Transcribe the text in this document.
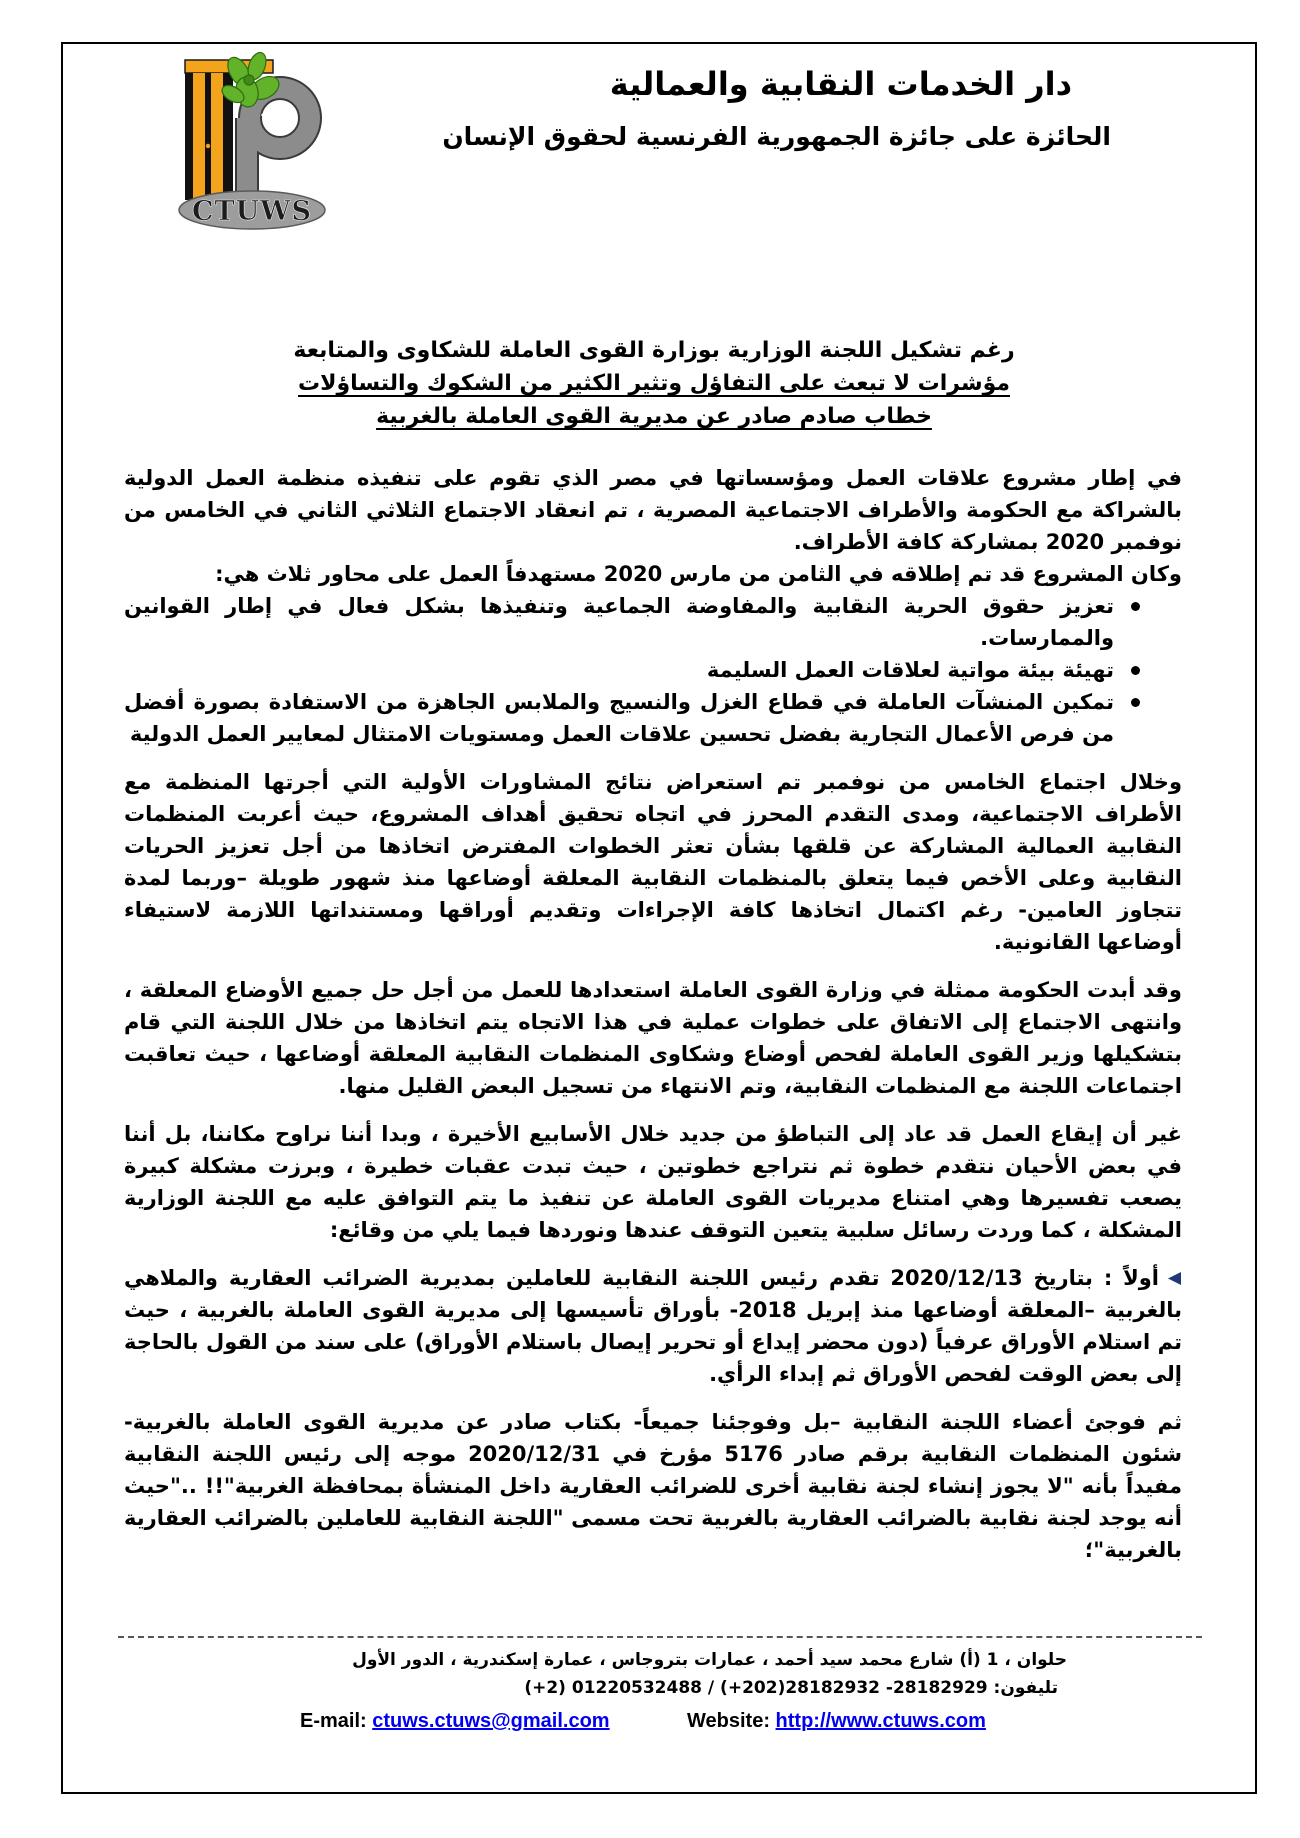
CTUWS
دار الخدمات النقابية والعمالية
الحائزة على جائزة الجمهورية الفرنسية لحقوق الإنسان
رغم تشكيل اللجنة الوزارية بوزارة القوى العاملة للشكاوى والمتابعة
مؤشرات لا تبعث على التفاؤل وتثير الكثير من الشكوك والتساؤلات
خطاب صادم صادر عن مديرية القوى العاملة بالغربية

في إطار مشروع علاقات العمل ومؤسساتها في مصر الذي تقوم على تنفيذه منظمة العمل الدولية بالشراكة مع الحكومة والأطراف الاجتماعية المصرية ، تم انعقاد الاجتماع الثلاثي الثاني في الخامس من نوفمبر 2020 بمشاركة كافة الأطراف.

وكان المشروع قد تم إطلاقه في الثامن من مارس 2020 مستهدفاً العمل على محاور ثلاث هي:

تعزيز حقوق الحرية النقابية والمفاوضة الجماعية وتنفيذها بشكل فعال في إطار القوانين والممارسات.
تهيئة بيئة مواتية لعلاقات العمل السليمة
تمكين المنشآت العاملة في قطاع الغزل والنسيج والملابس الجاهزة من الاستفادة بصورة أفضل من فرص الأعمال التجارية بفضل تحسين علاقات العمل ومستويات الامتثال لمعايير العمل الدولية

وخلال اجتماع الخامس من نوفمبر تم استعراض نتائج المشاورات الأولية التي أجرتها المنظمة مع الأطراف الاجتماعية، ومدى التقدم المحرز في اتجاه تحقيق أهداف المشروع، حيث أعربت المنظمات النقابية العمالية المشاركة عن قلقها بشأن تعثر الخطوات المفترض اتخاذها من أجل تعزيز الحريات النقابية وعلى الأخص فيما يتعلق بالمنظمات النقابية المعلقة أوضاعها منذ شهور طويلة –وربما لمدة تتجاوز العامين- رغم اكتمال اتخاذها كافة الإجراءات وتقديم أوراقها ومستنداتها اللازمة لاستيفاء أوضاعها القانونية.

وقد أبدت الحكومة ممثلة في وزارة القوى العاملة استعدادها للعمل من أجل حل جميع الأوضاع المعلقة ، وانتهى الاجتماع إلى الاتفاق على خطوات عملية في هذا الاتجاه يتم اتخاذها من خلال اللجنة التي قام بتشكيلها وزير القوى العاملة لفحص أوضاع وشكاوى المنظمات النقابية المعلقة أوضاعها ، حيث تعاقبت اجتماعات اللجنة مع المنظمات النقابية، وتم الانتهاء من تسجيل البعض القليل منها.

غير أن إيقاع العمل قد عاد إلى التباطؤ من جديد خلال الأسابيع الأخيرة ، وبدا أننا نراوح مكاننا، بل أننا في بعض الأحيان نتقدم خطوة ثم نتراجع خطوتين ، حيث تبدت عقبات خطيرة ، وبرزت مشكلة كبيرة يصعب تفسيرها وهي امتناع مديريات القوى العاملة عن تنفيذ ما يتم التوافق عليه مع اللجنة الوزارية المشكلة ، كما وردت رسائل سلبية يتعين التوقف عندها ونوردها فيما يلي من وقائع:

أولاً : بتاريخ 2020/12/13 تقدم رئيس اللجنة النقابية للعاملين بمديرية الضرائب العقارية والملاهي بالغربية –المعلقة أوضاعها منذ إبريل 2018- بأوراق تأسيسها إلى مديرية القوى العاملة بالغربية ، حيث تم استلام الأوراق عرفياً (دون محضر إيداع أو تحرير إيصال باستلام الأوراق) على سند من القول بالحاجة إلى بعض الوقت لفحص الأوراق ثم إبداء الرأي.

ثم فوجئ أعضاء اللجنة النقابية –بل وفوجئنا جميعاً- بكتاب صادر عن مديرية القوى العاملة بالغربية- شئون المنظمات النقابية برقم صادر 5176 مؤرخ في 2020/12/31 موجه إلى رئيس اللجنة النقابية مفيداً بأنه "لا يجوز إنشاء لجنة نقابية أخرى للضرائب العقارية داخل المنشأة بمحافظة الغربية"!! .."حيث أنه يوجد لجنة نقابية بالضرائب العقارية بالغربية تحت مسمى "اللجنة النقابية للعاملين بالضرائب العقارية بالغربية"؛

حلوان ، 1 (أ) شارع محمد سيد أحمد ، عمارات بتروجاس ، عمارة إسكندرية ، الدور الأول
تليفون: 28182929- 28182932(202+) / 01220532488 (2+)
E-mail: ctuws.ctuws@gmail.com	Website: http://www.ctuws.com
